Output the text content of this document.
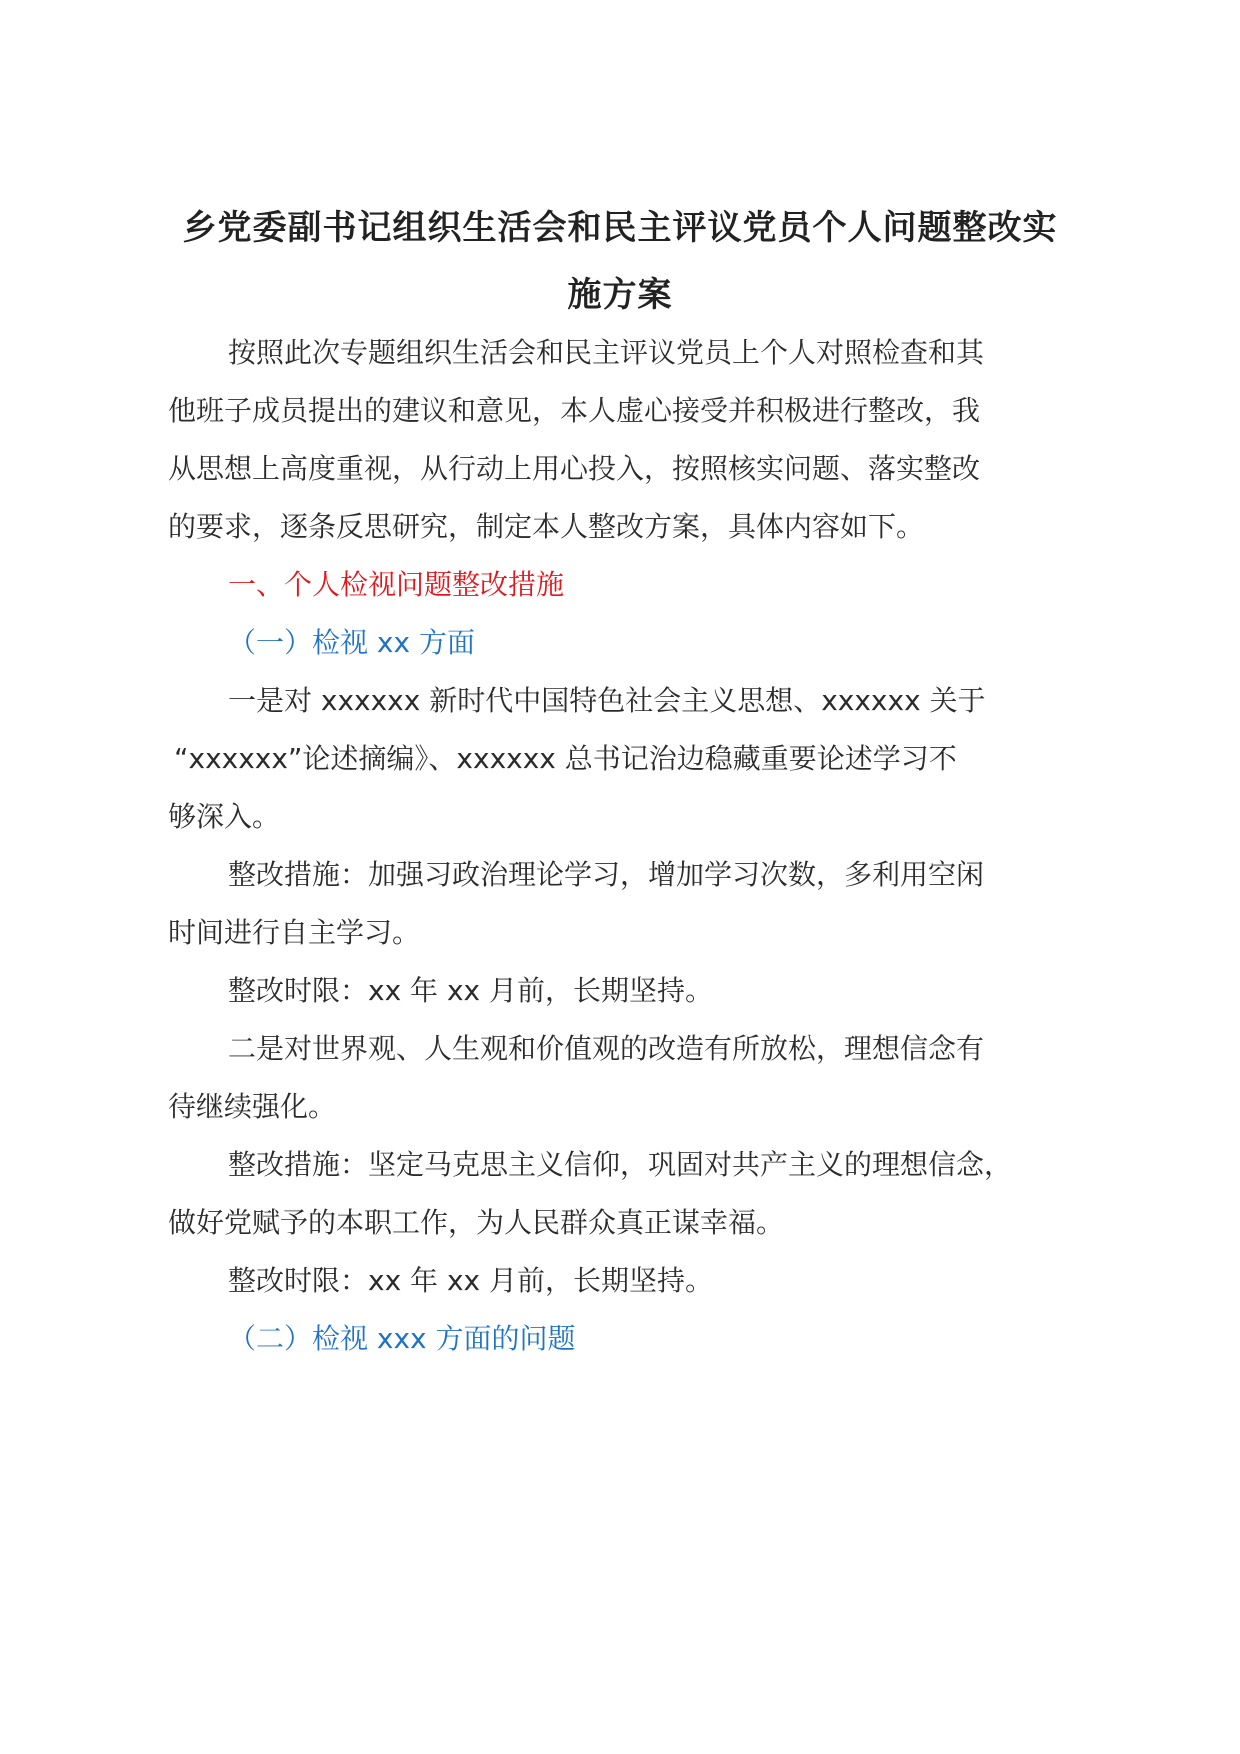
乡党委副书记组织生活会和民主评议党员个人问题整改实
施方案

按照此次专题组织生活会和民主评议党员上个人对照检查和其

他班子成员提出的建议和意见，本人虚心接受并积极进行整改，我

从思想上高度重视，从行动上用心投入，按照核实问题、落实整改

的要求，逐条反思研究，制定本人整改方案，具体内容如下。

一、个人检视问题整改措施

（一）检视 xx 方面

一是对 xxxxxx 新时代中国特色社会主义思想、xxxxxx 关于

“xxxxxx”论述摘编》、xxxxxx 总书记治边稳藏重要论述学习不

够深入。

整改措施：加强习政治理论学习，增加学习次数，多利用空闲

时间进行自主学习。

整改时限：xx 年 xx 月前，长期坚持。

二是对世界观、人生观和价值观的改造有所放松，理想信念有

待继续强化。

整改措施：坚定马克思主义信仰，巩固对共产主义的理想信念，

做好党赋予的本职工作，为人民群众真正谋幸福。

整改时限：xx 年 xx 月前，长期坚持。

（二）检视 xxx 方面的问题
